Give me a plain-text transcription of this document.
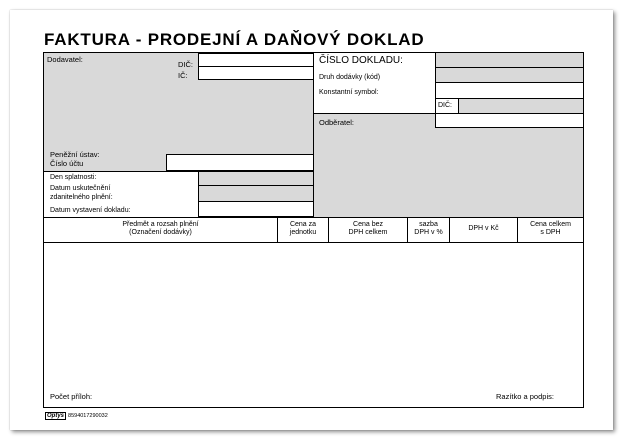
FAKTURA - PRODEJNÍ A DAŇOVÝ DOKLAD
Dodavatel:
DIČ:
IČ:
Peněžní ústav:
Číslo účtu
Den splatnosti:
Datum uskutečnění
zdanitelného plnění:
Datum vystavení dokladu:
ČÍSLO DOKLADU:
Druh dodávky (kód)
Konstantní symbol:
DIČ:
Odběratel:
Předmět a rozsah plnění
(Označení dodávky)
Cena za
jednotku
Cena bez
DPH celkem
sazba
DPH v %
DPH v Kč
Cena celkem
s DPH
Počet příloh:	Razítko a podpis:
Optys 8594017290032
